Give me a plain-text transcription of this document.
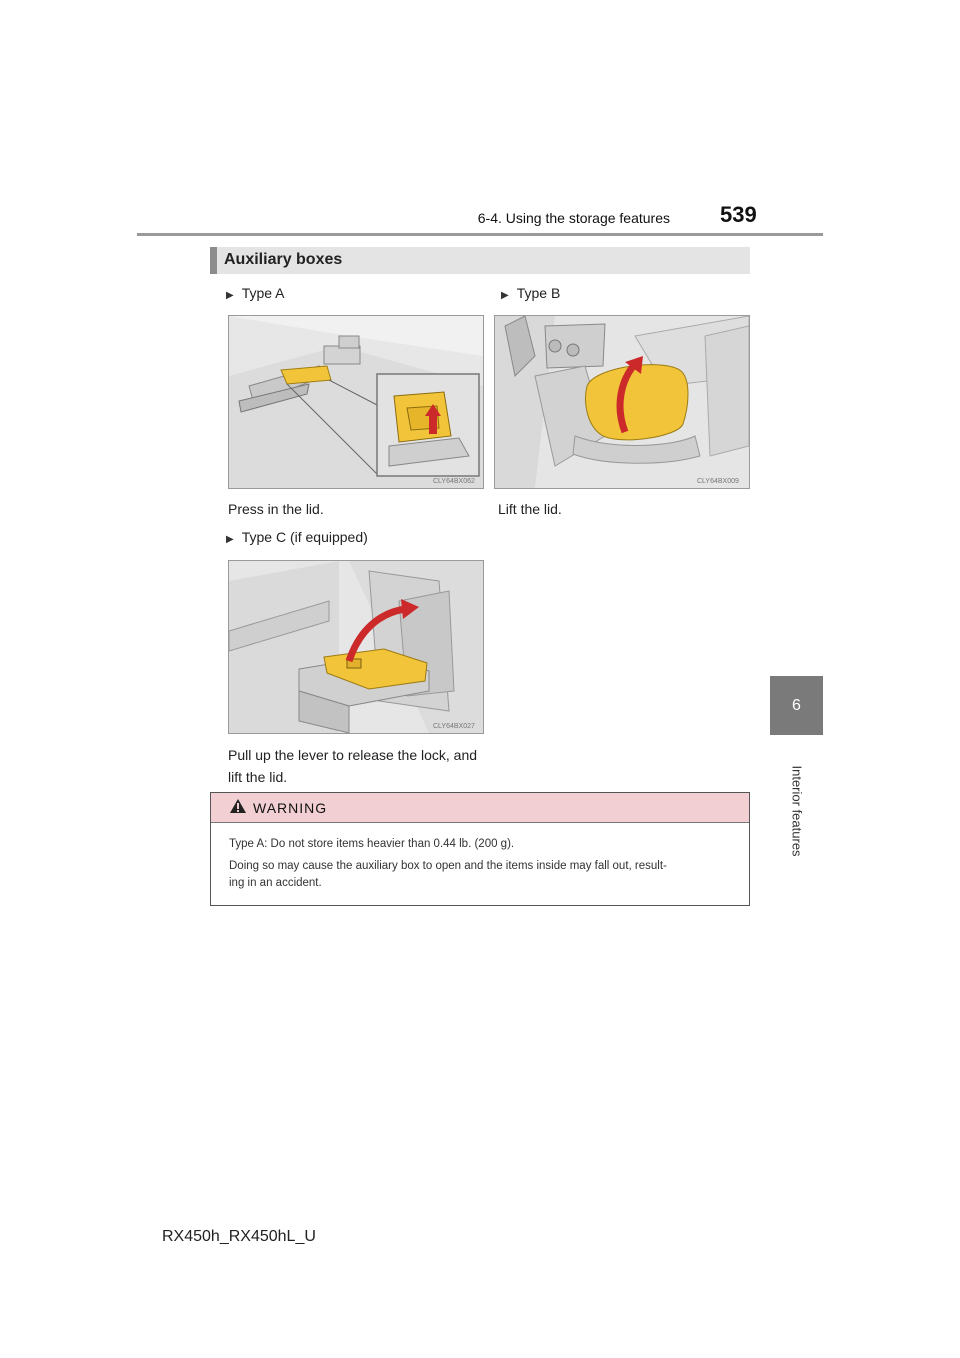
6-4. Using the storage features 539
6
Interior features
Auxiliary boxes
▶ Type A
CLY64BX062
Press in the lid.
▶ Type B
CLY64BX009
Lift the lid.
▶ Type C (if equipped)
CLY64BX027
Pull up the lever to release the lock, and
lift the lid.
WARNING
Type A: Do not store items heavier than 0.44 lb. (200 g).
Doing so may cause the auxiliary box to open and the items inside may fall out, result-
ing in an accident.
RX450h_RX450hL_U
